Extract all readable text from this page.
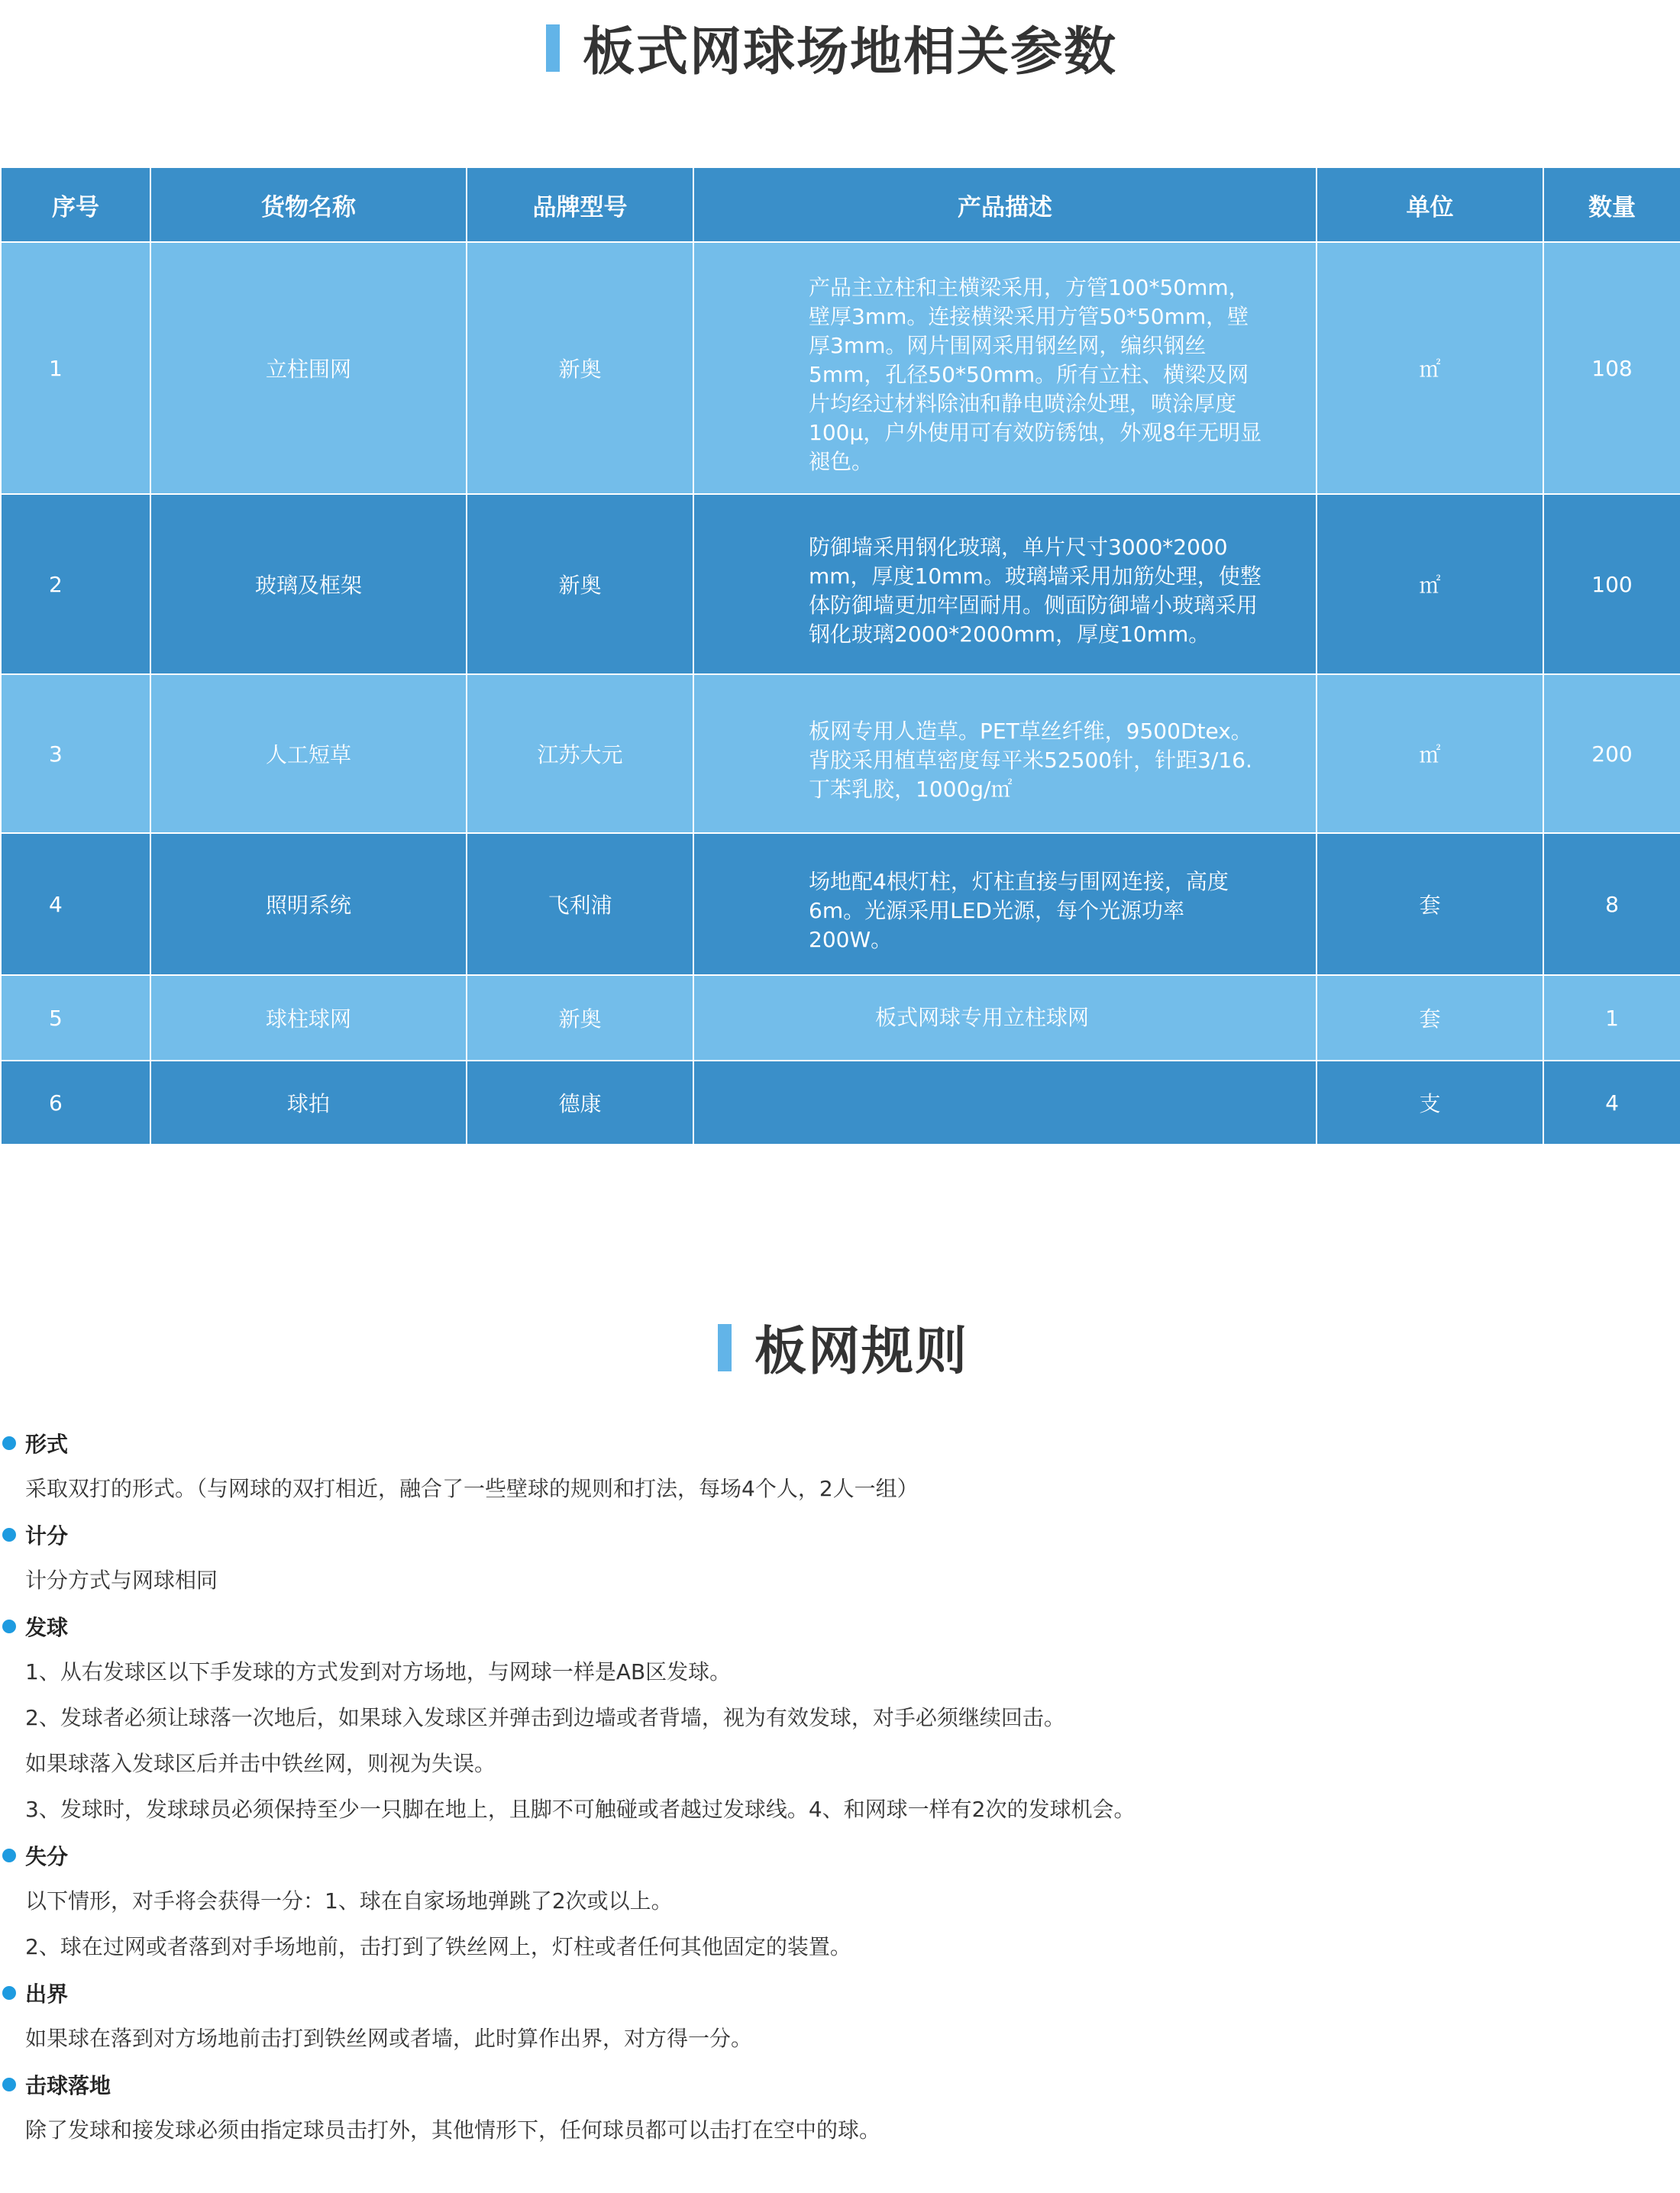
板式网球场地相关参数
序号	货物名称	品牌型号	产品描述	单位	数量
1	立柱围网	新奥	产品主立柱和主横梁采用，方管100*50mm，壁厚3mm。连接横梁采用方管50*50mm，壁厚3mm。网片围网采用钢丝网，编织钢丝5mm，孔径50*50mm。所有立柱、横梁及网片均经过材料除油和静电喷涂处理，喷涂厚度100μ，户外使用可有效防锈蚀，外观8年无明显褪色。	㎡	108
2	玻璃及框架	新奥	防御墙采用钢化玻璃，单片尺寸3000*2000 mm，厚度10mm。玻璃墙采用加筋处理，使整体防御墙更加牢固耐用。侧面防御墙小玻璃采用钢化玻璃2000*2000mm，厚度10mm。	㎡	100
3	人工短草	江苏大元	板网专用人造草。PET草丝纤维，9500Dtex。背胶采用植草密度每平米52500针，针距3/16.丁苯乳胶，1000g/㎡	㎡	200
4	照明系统	飞利浦	场地配4根灯柱，灯柱直接与围网连接，高度6m。光源采用LED光源，每个光源功率200W。	套	8
5	球柱球网	新奥	板式网球专用立柱球网	套	1
6	球拍	德康		支	4
板网规则
形式
采取双打的形式。（与网球的双打相近，融合了一些壁球的规则和打法，每场4个人，2人一组）
计分
计分方式与网球相同
发球
1、从右发球区以下手发球的方式发到对方场地，与网球一样是AB区发球。
2、发球者必须让球落一次地后，如果球入发球区并弹击到边墙或者背墙，视为有效发球，对手必须继续回击。
如果球落入发球区后并击中铁丝网，则视为失误。
3、发球时，发球球员必须保持至少一只脚在地上，且脚不可触碰或者越过发球线。4、和网球一样有2次的发球机会。
失分
以下情形，对手将会获得一分：1、球在自家场地弹跳了2次或以上。
2、球在过网或者落到对手场地前，击打到了铁丝网上，灯柱或者任何其他固定的装置。
出界
如果球在落到对方场地前击打到铁丝网或者墙，此时算作出界，对方得一分。
击球落地
除了发球和接发球必须由指定球员击打外，其他情形下，任何球员都可以击打在空中的球。
